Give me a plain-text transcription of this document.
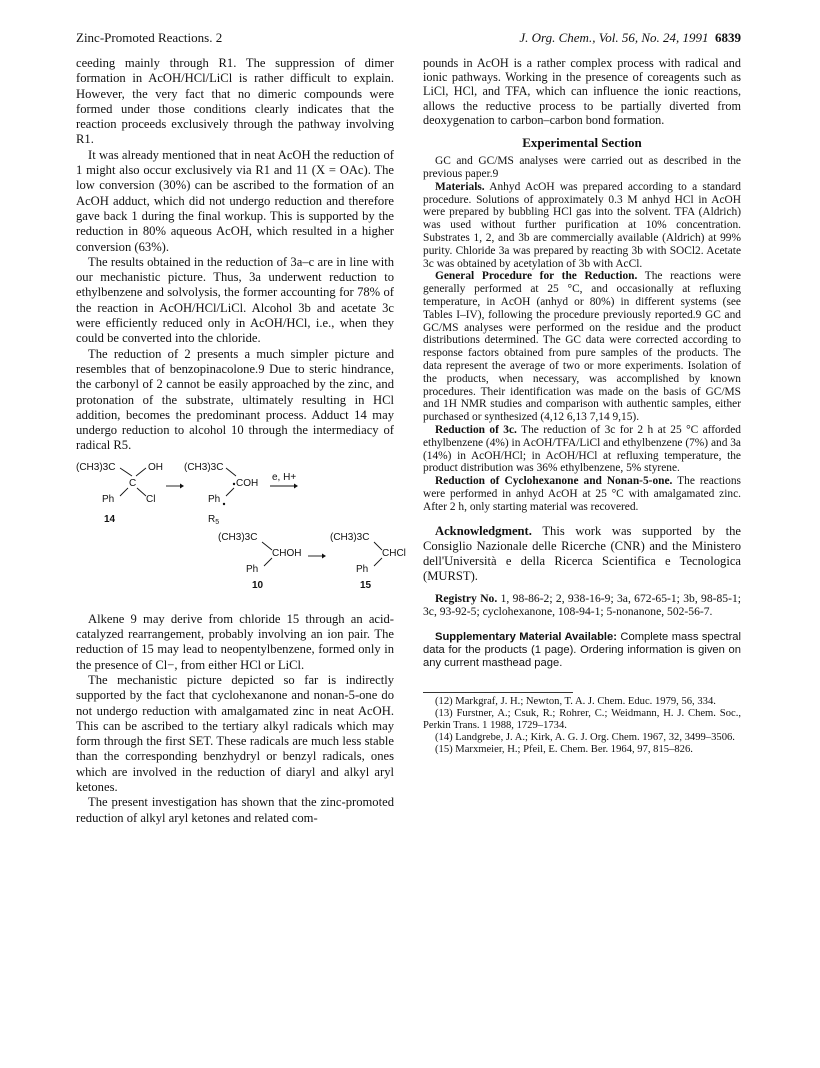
Zinc-Promoted Reactions. 2	J. Org. Chem., Vol. 56, No. 24, 1991 6839

ceeding mainly through R1. The suppression of dimer formation in AcOH/HCl/LiCl is rather difficult to explain. However, the very fact that no dimeric compounds were formed under those conditions clearly indicates that the reaction proceeds exclusively through the pathway involving R1.

It was already mentioned that in neat AcOH the reduction of 1 might also occur exclusively via R1 and 11 (X = OAc). The low conversion (30%) can be ascribed to the formation of an AcOH adduct, which did not undergo reduction and therefore gave back 1 during the final workup. This is supported by the reduction in 80% aqueous AcOH, which resulted in a higher conversion (63%).

The results obtained in the reduction of 3a–c are in line with our mechanistic picture. Thus, 3a underwent reduction to ethylbenzene and solvolysis, the former accounting for 78% of the reaction in AcOH/HCl/LiCl. Alcohol 3b and acetate 3c were efficiently reduced only in AcOH/HCl, i.e., when they could be converted into the chloride.

The reduction of 2 presents a much simpler picture and resembles that of benzopinacolone.9 Due to steric hindrance, the carbonyl of 2 cannot be easily approached by the zinc, and protonation of the substrate, ultimately resulting in HCl addition, becomes the predominant process. Adduct 14 may undergo reduction to alcohol 10 through the intermediacy of radical R5.

(CH3)3C	OH
C
Ph	Cl
14
(CH3)3C
COH
Ph
$R_5$
e, H+
(CH3)3C
CHOH
Ph
(CH3)3C
CHCl
Ph
10	15

Alkene 9 may derive from chloride 15 through an acid-catalyzed rearrangement, probably involving an ion pair. The reduction of 15 may lead to neopentylbenzene, formed only in the presence of Cl−, from either HCl or LiCl.

The mechanistic picture depicted so far is indirectly supported by the fact that cyclohexanone and nonan-5-one do not undergo reduction with amalgamated zinc in neat AcOH. This can be ascribed to the tertiary alkyl radicals which may form through the first SET. These radicals are much less stable than the corresponding benzhydryl or benzyl radicals, ones which are involved in the reduction of diaryl and alkyl aryl ketones.

The present investigation has shown that the zinc-promoted reduction of alkyl aryl ketones and related com-

pounds in AcOH is a rather complex process with radical and ionic pathways. Working in the presence of coreagents such as LiCl, HCl, and TFA, which can influence the ionic reactions, allows the reductive process to be partially diverted from deoxygenation to carbon–carbon bond formation.

Experimental Section

GC and GC/MS analyses were carried out as described in the previous paper.9

Materials. Anhyd AcOH was prepared according to a standard procedure. Solutions of approximately 0.3 M anhyd HCl in AcOH were prepared by bubbling HCl gas into the solvent. TFA (Aldrich) was used without further purification at 10% concentration. Substrates 1, 2, and 3b are commercially available (Aldrich) at 99% purity. Chloride 3a was prepared by reacting 3b with SOCl2. Acetate 3c was obtained by acetylation of 3b with AcCl.

General Procedure for the Reduction. The reactions were generally performed at 25 °C, and occasionally at refluxing temperature, in AcOH (anhyd or 80%) in different systems (see Tables I–IV), following the procedure previously reported.9 GC and GC/MS analyses were performed on the residue and the product distributions determined. The GC data were corrected according to response factors obtained from pure samples of the products. The data represent the average of two or more experiments. Isolation of the products, when necessary, was accomplished by known procedures. Their identification was made on the basis of GC/MS and 1H NMR studies and comparison with authentic samples, either purchased or synthesized (4,12 6,13 7,14 9,15).

Reduction of 3c. The reduction of 3c for 2 h at 25 °C afforded ethylbenzene (4%) in AcOH/TFA/LiCl and ethylbenzene (7%) and 3a (14%) in AcOH/HCl; in AcOH/HCl at refluxing temperature, the product distribution was 36% ethylbenzene, 5% styrene.

Reduction of Cyclohexanone and Nonan-5-one. The reactions were performed in anhyd AcOH at 25 °C with amalgamated zinc. After 2 h, only starting material was recovered.

Acknowledgment. This work was supported by the Consiglio Nazionale delle Ricerche (CNR) and the Ministero dell'Università e della Ricerca Scientifica e Tecnologica (MURST).

Registry No. 1, 98-86-2; 2, 938-16-9; 3a, 672-65-1; 3b, 98-85-1; 3c, 93-92-5; cyclohexanone, 108-94-1; 5-nonanone, 502-56-7.

Supplementary Material Available: Complete mass spectral data for the products (1 page). Ordering information is given on any current masthead page.

(12) Markgraf, J. H.; Newton, T. A. J. Chem. Educ. 1979, 56, 334.
(13) Furstner, A.; Csuk, R.; Rohrer, C.; Weidmann, H. J. Chem. Soc., Perkin Trans. 1 1988, 1729–1734.
(14) Landgrebe, J. A.; Kirk, A. G. J. Org. Chem. 1967, 32, 3499–3506.
(15) Marxmeier, H.; Pfeil, E. Chem. Ber. 1964, 97, 815–826.
